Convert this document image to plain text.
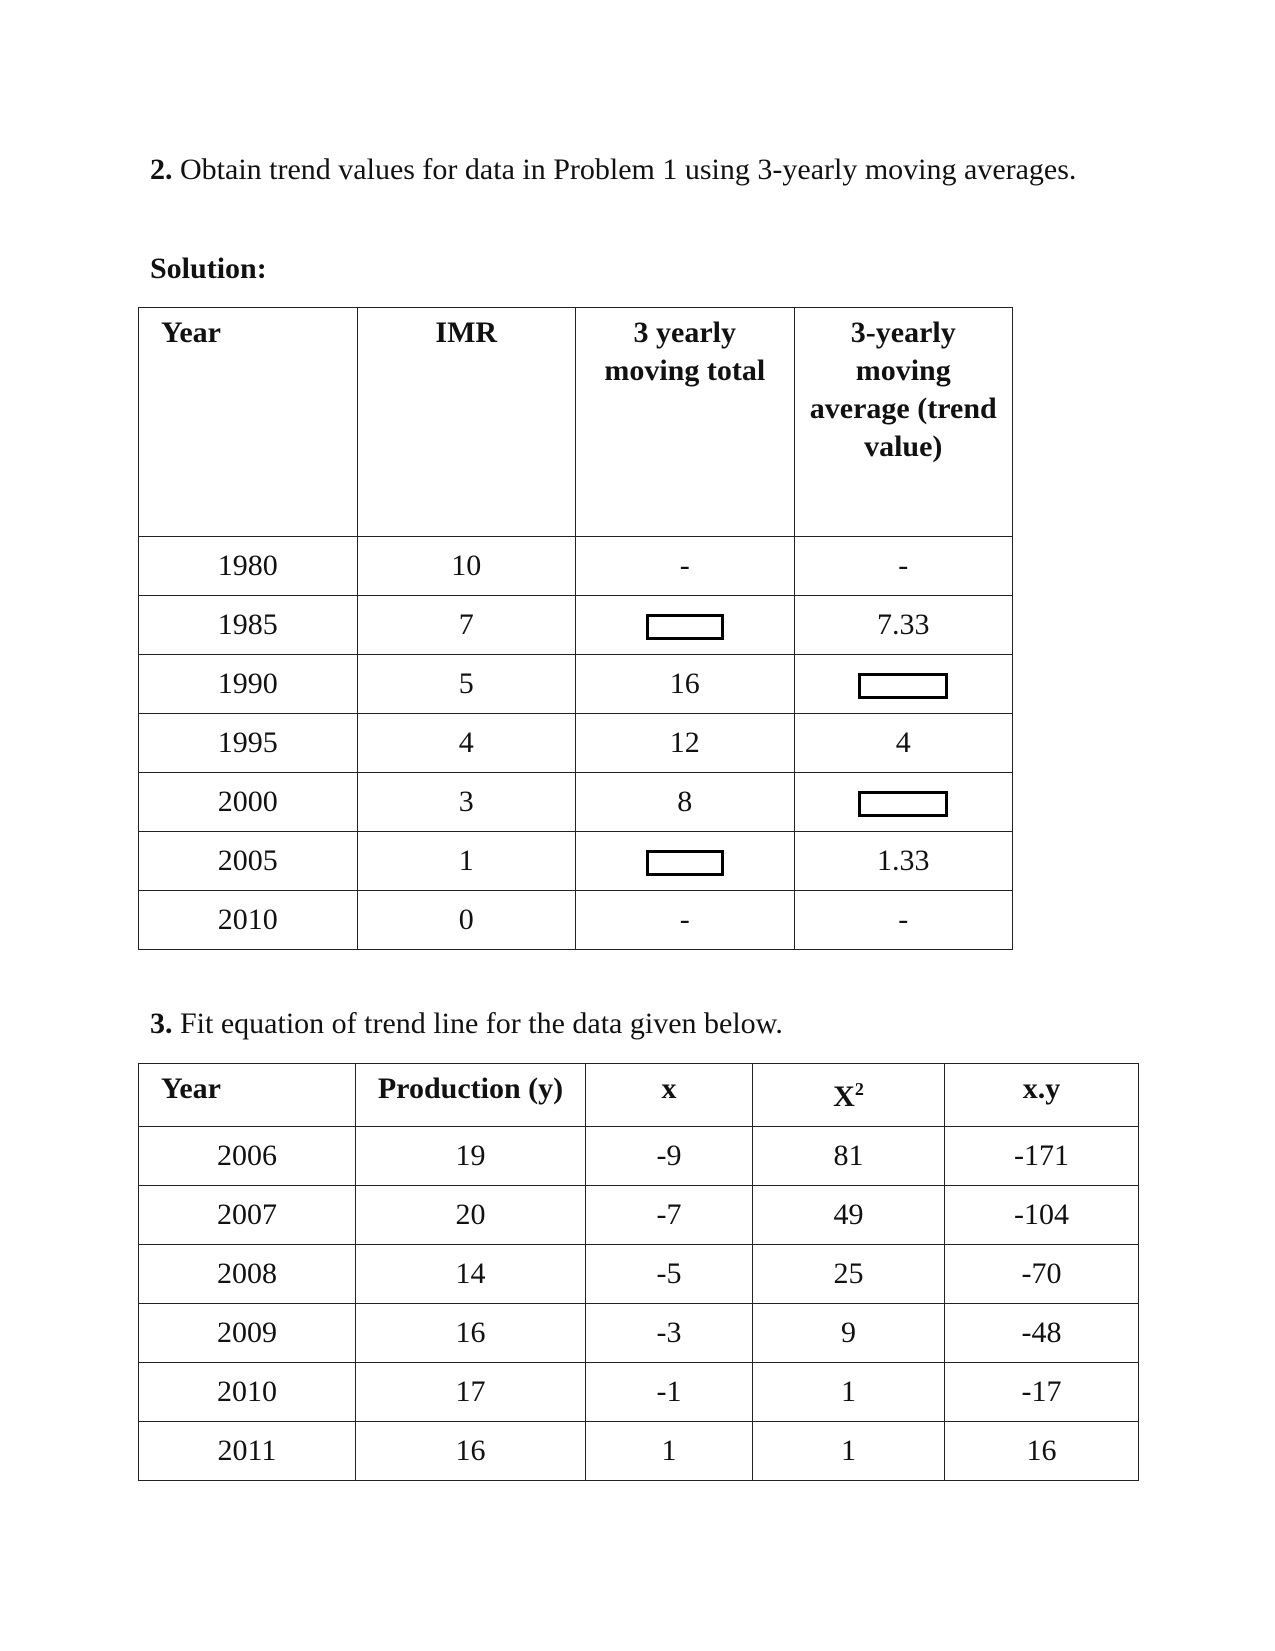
2. Obtain trend values for data in Problem 1 using 3-yearly moving averages.

Solution:

Year	IMR	3 yearly moving total	3-yearly moving average (trend value)
1980	10	-	-
1985	7		7.33
1990	5	16	
1995	4	12	4
2000	3	8	
2005	1		1.33
2010	0	-	-

3. Fit equation of trend line for the data given below.

Year	Production (y)	x	$X^2$	x.y
2006	19	-9	81	-171
2007	20	-7	49	-104
2008	14	-5	25	-70
2009	16	-3	9	-48
2010	17	-1	1	-17
2011	16	1	1	16
